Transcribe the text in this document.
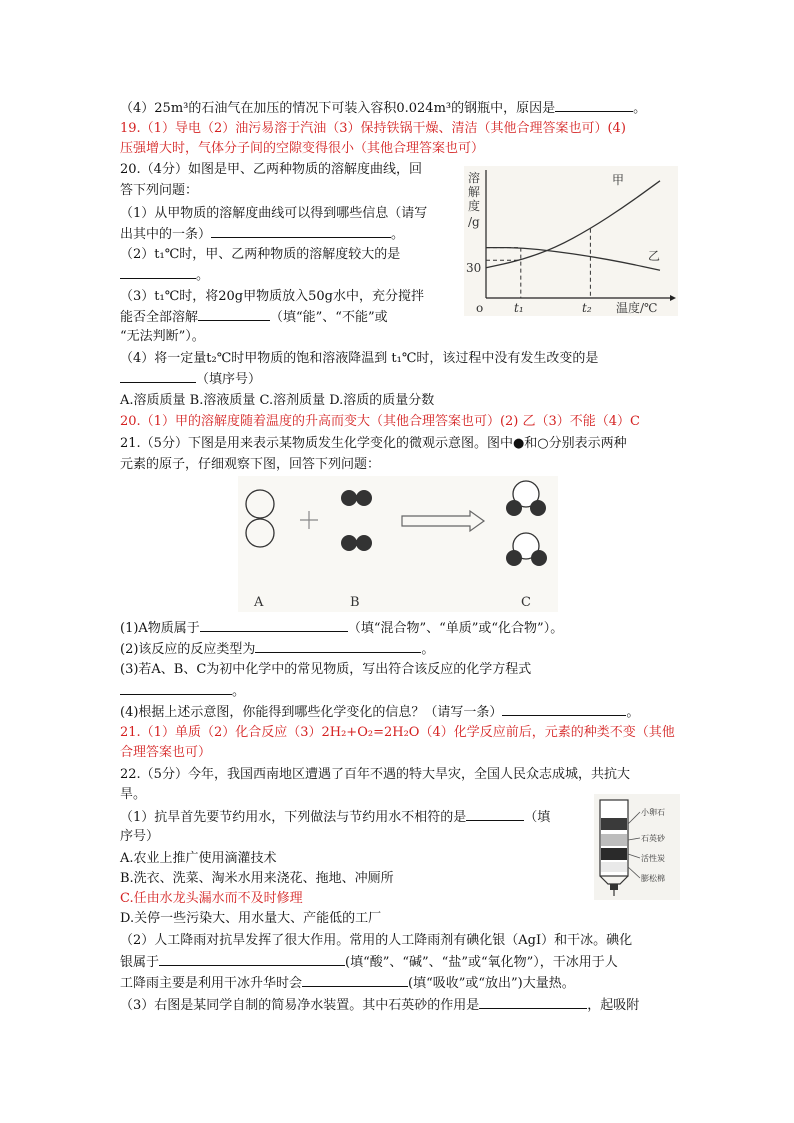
（4）25m³的石油气在加压的情况下可装入容积0.024m³的钢瓶中，原因是	。
19.（1）导电（2）油污易溶于汽油（3）保持铁锅干燥、清洁（其他合理答案也可）(4)
压强增大时，气体分子间的空隙变得很小（其他合理答案也可）
20.（4分）如图是甲、乙两种物质的溶解度曲线，回
答下列问题：
（1）从甲物质的溶解度曲线可以得到哪些信息（请写
出其中的一条）	。
（2）t₁℃时，甲、乙两种物质的溶解度较大的是
。
（3）t₁℃时，将20g甲物质放入50g水中，充分搅拌
能否全部溶解	（填“能”、“不能”或
“无法判断”）。
（4）将一定量t₂℃时甲物质的饱和溶液降温到 t₁℃时，该过程中没有发生改变的是
（填序号）
A.溶质质量 B.溶液质量 C.溶剂质量 D.溶质的质量分数
20.（1）甲的溶解度随着温度的升高而变大（其他合理答案也可）(2) 乙（3）不能（4）C
溶
解
度
/g
30
o	t₁	t₂ 温度/℃
甲
乙
21.（5分）下图是用来表示某物质发生化学变化的微观示意图。图中●和○分别表示两种
元素的原子，仔细观察下图，回答下列问题：
A	B	C
(1)A物质属于	（填“混合物”、“单质”或“化合物”）。
(2)该反应的反应类型为	。
(3)若A、B、C为初中化学中的常见物质，写出符合该反应的化学方程式
。
(4)根据上述示意图，你能得到哪些化学变化的信息？（请写一条）	。
21.（1）单质（2）化合反应（3）2H₂+O₂=2H₂O（4）化学反应前后，元素的种类不变（其他
合理答案也可）
22.（5分）今年，我国西南地区遭遇了百年不遇的特大旱灾，全国人民众志成城，共抗大
旱。
（1）抗旱首先要节约用水，下列做法与节约用水不相符的是	（填
序号）
A.农业上推广使用滴灌技术
B.洗衣、洗菜、淘米水用来浇花、拖地、冲厕所
C.任由水龙头漏水而不及时修理
D.关停一些污染大、用水量大、产能低的工厂
（2）人工降雨对抗旱发挥了很大作用。常用的人工降雨剂有碘化银（AgI）和干冰。碘化
银属于	(填“酸”、“碱”、“盐”或“氧化物”），干冰用于人
工降雨主要是利用干冰升华时会	(填“吸收”或“放出”)大量热。
（3）右图是某同学自制的简易净水装置。其中石英砂的作用是	，起吸附
小卵石
石英砂
活性炭
膨松棉
